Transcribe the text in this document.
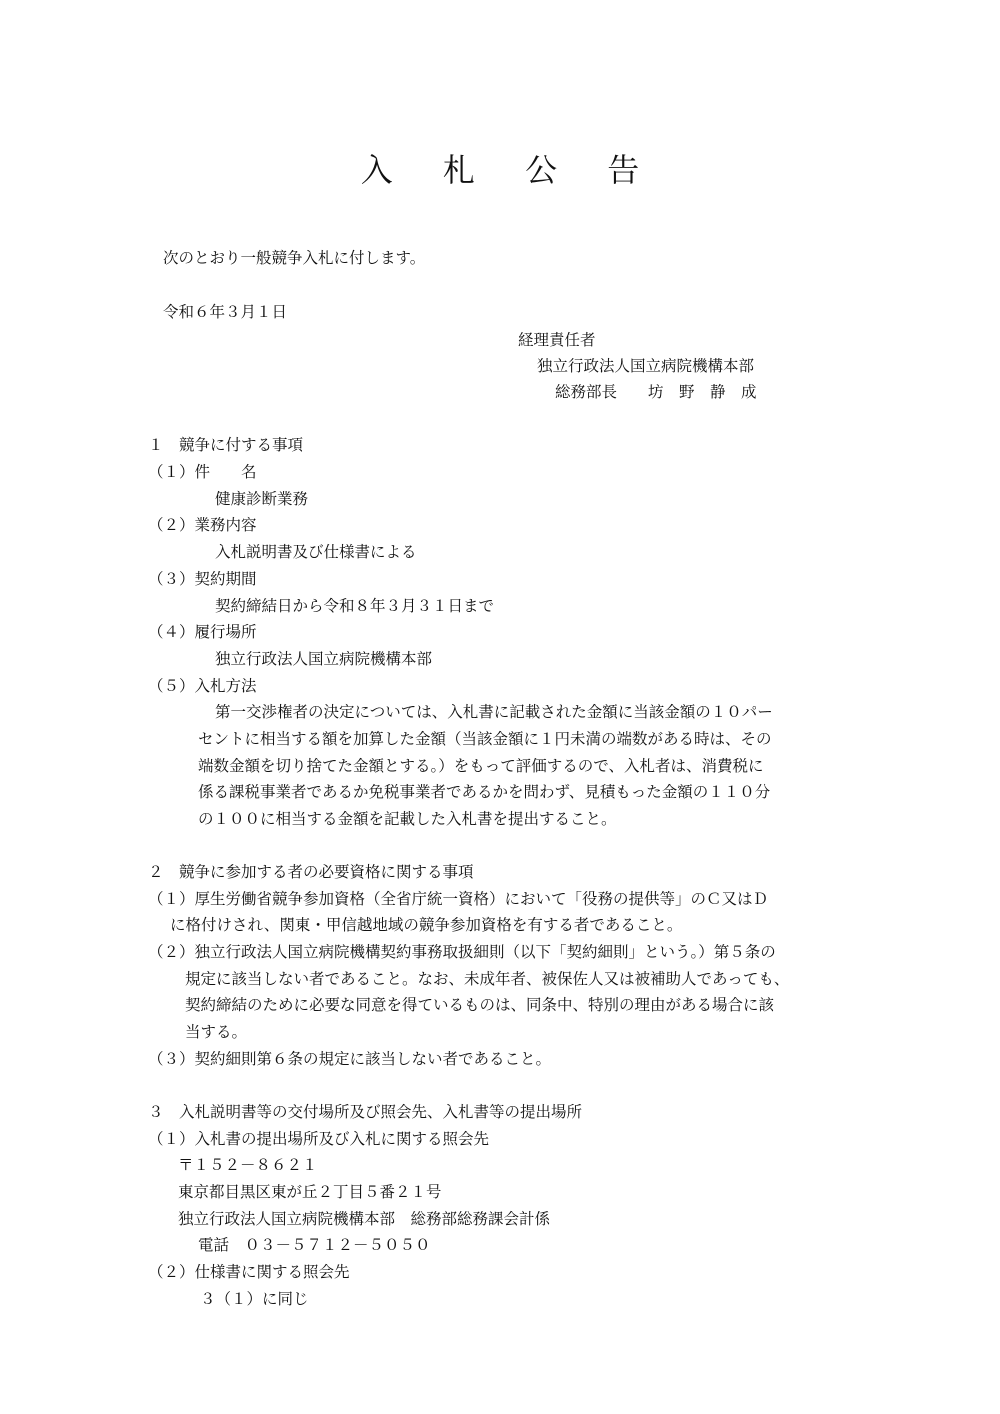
入 札 公 告
次のとおり一般競争入札に付します。
令和６年３月１日
経理責任者
独立行政法人国立病院機構本部
総務部長　　坊　野　静　成
１　競争に付する事項
（１）件　　名
健康診断業務
（２）業務内容
入札説明書及び仕様書による
（３）契約期間
契約締結日から令和８年３月３１日まで
（４）履行場所
独立行政法人国立病院機構本部
（５）入札方法
第一交渉権者の決定については、入札書に記載された金額に当該金額の１０パー
セントに相当する額を加算した金額（当該金額に１円未満の端数がある時は、その
端数金額を切り捨てた金額とする。）をもって評価するので、入札者は、消費税に
係る課税事業者であるか免税事業者であるかを問わず、見積もった金額の１１０分
の１００に相当する金額を記載した入札書を提出すること。
２　競争に参加する者の必要資格に関する事項
（１）厚生労働省競争参加資格（全省庁統一資格）において「役務の提供等」のＣ又はＤ
に格付けされ、関東・甲信越地域の競争参加資格を有する者であること。
（２）独立行政法人国立病院機構契約事務取扱細則（以下「契約細則」という。）第５条の
規定に該当しない者であること。なお、未成年者、被保佐人又は被補助人であっても、
契約締結のために必要な同意を得ているものは、同条中、特別の理由がある場合に該
当する。
（３）契約細則第６条の規定に該当しない者であること。
３　入札説明書等の交付場所及び照会先、入札書等の提出場所
（１）入札書の提出場所及び入札に関する照会先
〒１５２－８６２１
東京都目黒区東が丘２丁目５番２１号
独立行政法人国立病院機構本部　総務部総務課会計係
電話　０３－５７１２－５０５０
（２）仕様書に関する照会先
３（１）に同じ
